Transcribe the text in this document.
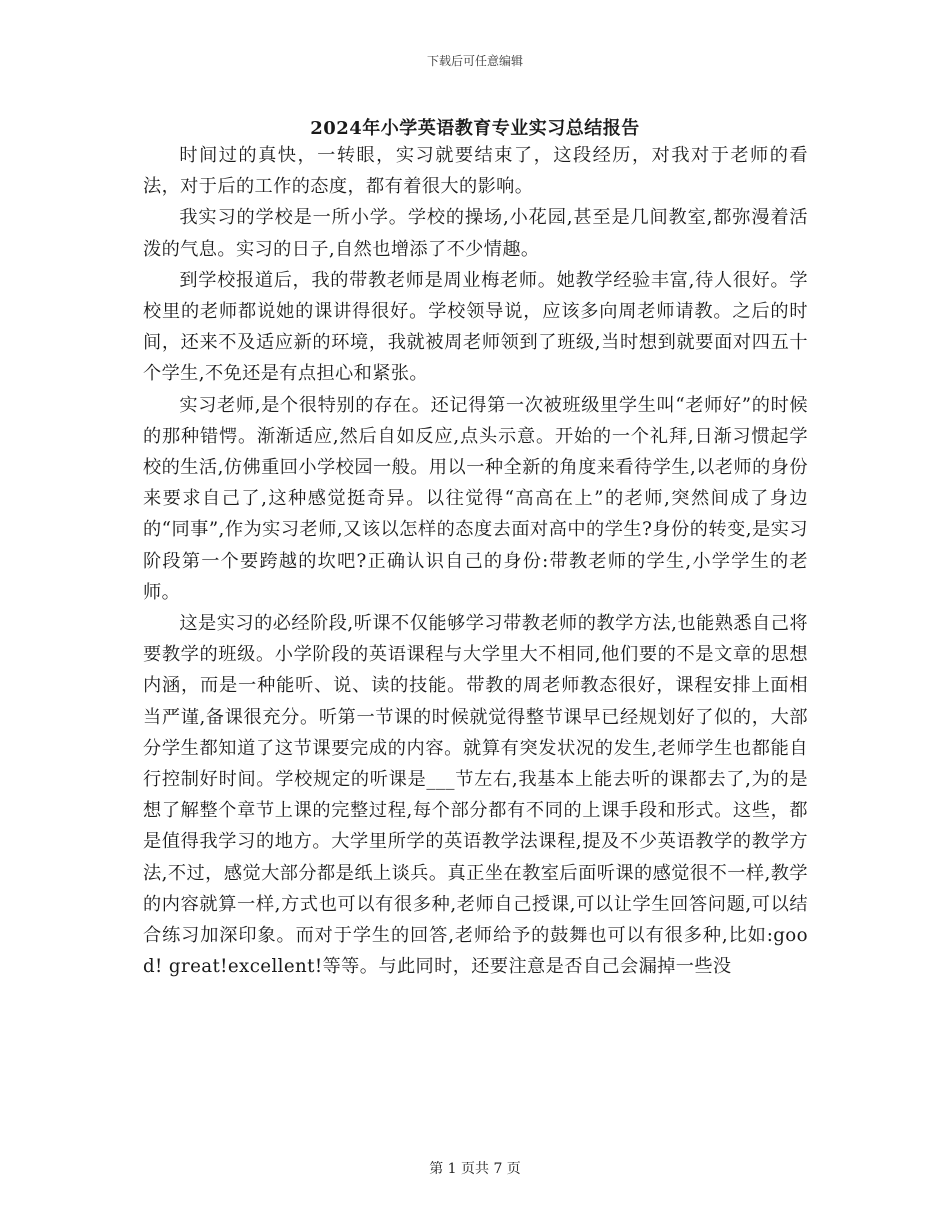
下载后可任意编辑
2024年小学英语教育专业实习总结报告

时间过的真快，一转眼，实习就要结束了，这段经历，对我对于老师的看法，对于后的工作的态度，都有着很大的影响。

我实习的学校是一所小学。学校的操场,小花园,甚至是几间教室,都弥漫着活泼的气息。实习的日子,自然也增添了不少情趣。

到学校报道后，我的带教老师是周业梅老师。她教学经验丰富,待人很好。学校里的老师都说她的课讲得很好。学校领导说，应该多向周老师请教。之后的时间，还来不及适应新的环境，我就被周老师领到了班级,当时想到就要面对四五十个学生,不免还是有点担心和紧张。

实习老师,是个很特别的存在。还记得第一次被班级里学生叫“老师好”的时候的那种错愕。渐渐适应,然后自如反应,点头示意。开始的一个礼拜,日渐习惯起学校的生活,仿佛重回小学校园一般。用以一种全新的角度来看待学生,以老师的身份来要求自己了,这种感觉挺奇异。以往觉得“高高在上”的老师,突然间成了身边的“同事”,作为实习老师,又该以怎样的态度去面对高中的学生?身份的转变,是实习阶段第一个要跨越的坎吧?正确认识自己的身份:带教老师的学生,小学学生的老师。

这是实习的必经阶段,听课不仅能够学习带教老师的教学方法,也能熟悉自己将要教学的班级。小学阶段的英语课程与大学里大不相同,他们要的不是文章的思想内涵，而是一种能听、说、读的技能。带教的周老师教态很好，课程安排上面相当严谨,备课很充分。听第一节课的时候就觉得整节课早已经规划好了似的，大部分学生都知道了这节课要完成的内容。就算有突发状况的发生,老师学生也都能自行控制好时间。学校规定的听课是___节左右,我基本上能去听的课都去了,为的是想了解整个章节上课的完整过程,每个部分都有不同的上课手段和形式。这些，都是值得我学习的地方。大学里所学的英语教学法课程,提及不少英语教学的教学方法,不过，感觉大部分都是纸上谈兵。真正坐在教室后面听课的感觉很不一样,教学的内容就算一样,方式也可以有很多种,老师自己授课,可以让学生回答问题,可以结合练习加深印象。而对于学生的回答,老师给予的鼓舞也可以有很多种,比如:good! great!excellent!等等。与此同时，还要注意是否自己会漏掉一些没

第 1 页共 7 页
